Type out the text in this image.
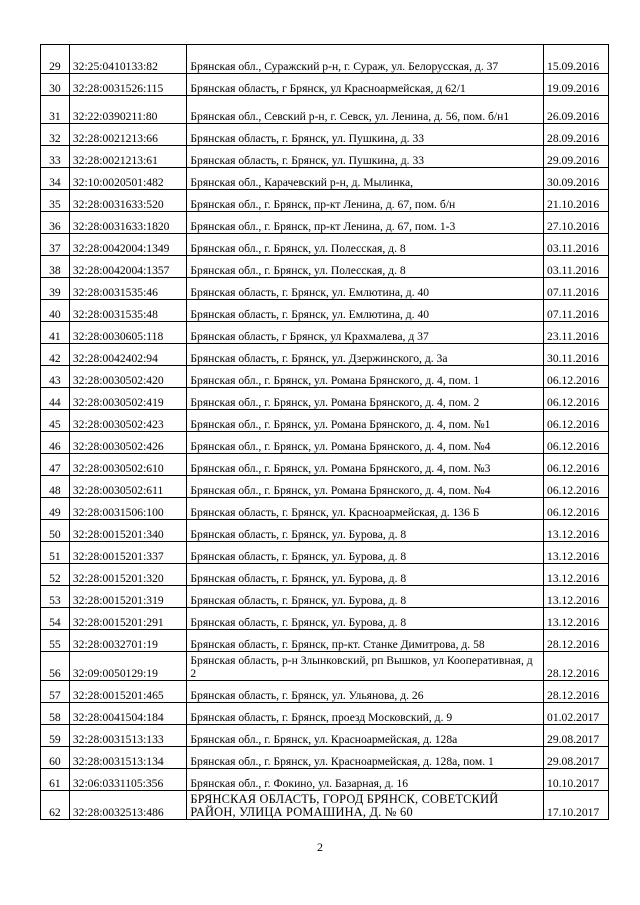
29	32:25:0410133:82	Брянская обл., Суражский р-н, г. Сураж, ул. Белорусская, д. 37	15.09.2016
30	32:28:0031526:115	Брянская область, г Брянск, ул Красноармейская, д 62/1	19.09.2016
31	32:22:0390211:80	Брянская обл., Севский р-н, г. Севск, ул. Ленина, д. 56, пом. б/н1	26.09.2016
32	32:28:0021213:66	Брянская область, г. Брянск, ул. Пушкина, д. 33	28.09.2016
33	32:28:0021213:61	Брянская область, г. Брянск, ул. Пушкина, д. 33	29.09.2016
34	32:10:0020501:482	Брянская обл., Карачевский р-н, д. Мылинка,	30.09.2016
35	32:28:0031633:520	Брянская обл., г. Брянск, пр-кт Ленина, д. 67, пом. б/н	21.10.2016
36	32:28:0031633:1820	Брянская обл., г. Брянск, пр-кт Ленина, д. 67, пом. 1-3	27.10.2016
37	32:28:0042004:1349	Брянская обл., г. Брянск, ул. Полесская, д. 8	03.11.2016
38	32:28:0042004:1357	Брянская обл., г. Брянск, ул. Полесская, д. 8	03.11.2016
39	32:28:0031535:46	Брянская область, г. Брянск, ул. Емлютина, д. 40	07.11.2016
40	32:28:0031535:48	Брянская область, г. Брянск, ул. Емлютина, д. 40	07.11.2016
41	32:28:0030605:118	Брянская область, г Брянск, ул Крахмалева, д 37	23.11.2016
42	32:28:0042402:94	Брянская область, г. Брянск, ул. Дзержинского, д. 3а	30.11.2016
43	32:28:0030502:420	Брянская обл., г. Брянск, ул. Романа Брянского, д. 4, пом. 1	06.12.2016
44	32:28:0030502:419	Брянская обл., г. Брянск, ул. Романа Брянского, д. 4, пом. 2	06.12.2016
45	32:28:0030502:423	Брянская обл., г. Брянск, ул. Романа Брянского, д. 4, пом. №1	06.12.2016
46	32:28:0030502:426	Брянская обл., г. Брянск, ул. Романа Брянского, д. 4, пом. №4	06.12.2016
47	32:28:0030502:610	Брянская обл., г. Брянск, ул. Романа Брянского, д. 4, пом. №3	06.12.2016
48	32:28:0030502:611	Брянская обл., г. Брянск, ул. Романа Брянского, д. 4, пом. №4	06.12.2016
49	32:28:0031506:100	Брянская область, г. Брянск, ул. Красноармейская, д. 136 Б	06.12.2016
50	32:28:0015201:340	Брянская область, г. Брянск, ул. Бурова, д. 8	13.12.2016
51	32:28:0015201:337	Брянская область, г. Брянск, ул. Бурова, д. 8	13.12.2016
52	32:28:0015201:320	Брянская область, г. Брянск, ул. Бурова, д. 8	13.12.2016
53	32:28:0015201:319	Брянская область, г. Брянск, ул. Бурова, д. 8	13.12.2016
54	32:28:0015201:291	Брянская область, г. Брянск, ул. Бурова, д. 8	13.12.2016
55	32:28:0032701:19	Брянская область, г. Брянск, пр-кт. Станке Димитрова, д. 58	28.12.2016
56	32:09:0050129:19	Брянская область, р-н Злынковский, рп Вышков, ул Кооперативная, д 2	28.12.2016
57	32:28:0015201:465	Брянская область, г. Брянск, ул. Ульянова, д. 26	28.12.2016
58	32:28:0041504:184	Брянская область, г. Брянск, проезд Московский, д. 9	01.02.2017
59	32:28:0031513:133	Брянская обл., г. Брянск, ул. Красноармейская, д. 128а	29.08.2017
60	32:28:0031513:134	Брянская обл., г. Брянск, ул. Красноармейская, д. 128а, пом. 1	29.08.2017
61	32:06:0331105:356	Брянская обл., г. Фокино, ул. Базарная, д. 16	10.10.2017
62	32:28:0032513:486	БРЯНСКАЯ ОБЛАСТЬ, ГОРОД БРЯНСК, СОВЕТСКИЙ РАЙОН, УЛИЦА РОМАШИНА, Д. № 60	17.10.2017
2
